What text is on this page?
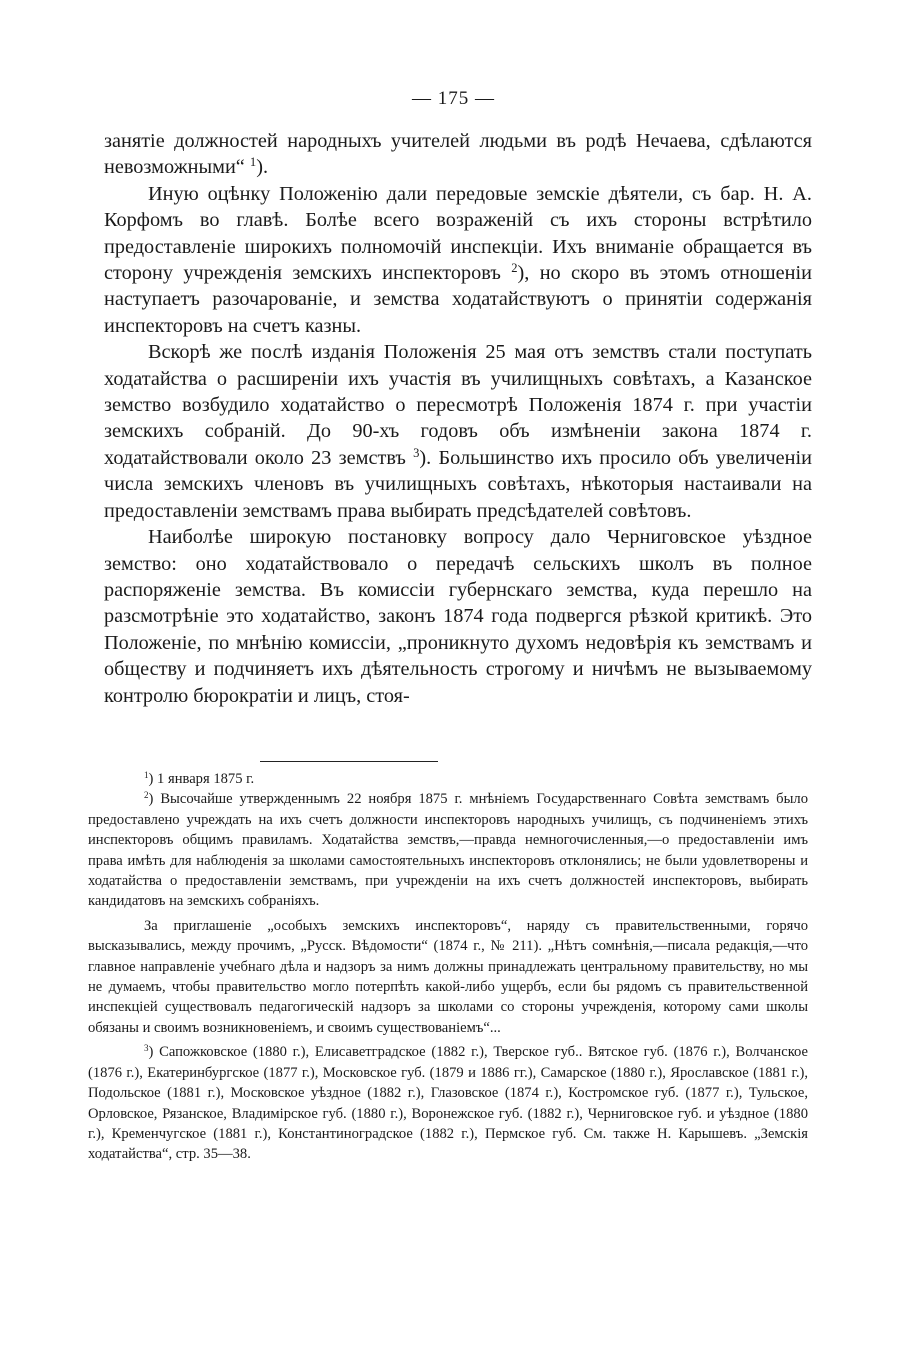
— 175 —

занятіе должностей народныхъ учителей людьми въ родѣ Нечаева, сдѣлаются невозможными“ $^1$).

Иную оцѣнку Положенію дали передовые земскіе дѣятели, съ бар. Н. А. Корфомъ во главѣ. Болѣе всего возраженій съ ихъ стороны встрѣтило предоставленіе широкихъ полномочій инспекціи. Ихъ вниманіе обращается въ сторону учрежденія земскихъ инспекторовъ $^2$), но скоро въ этомъ отношеніи наступаетъ разочарованіе, и земства ходатайствуютъ о принятіи содержанія инспекторовъ на счетъ казны.

Вскорѣ же послѣ изданія Положенія 25 мая отъ земствъ стали поступать ходатайства о расширеніи ихъ участія въ училищныхъ совѣтахъ, а Казанское земство возбудило ходатайство о пересмотрѣ Положенія 1874 г. при участіи земскихъ собраній. До 90-хъ годовъ объ измѣненіи закона 1874 г. ходатайствовали около 23 земствъ $^3$). Большинство ихъ просило объ увеличеніи числа земскихъ членовъ въ училищныхъ совѣтахъ, нѣкоторыя настаивали на предоставленіи земствамъ права выбирать предсѣдателей совѣтовъ.

Наиболѣе широкую постановку вопросу дало Черниговское уѣздное земство: оно ходатайствовало о передачѣ сельскихъ школъ въ полное распоряженіе земства. Въ комиссіи губернскаго земства, куда перешло на разсмотрѣніе это ходатайство, законъ 1874 года подвергся рѣзкой критикѣ. Это Положеніе, по мнѣнію комиссіи, „проникнуто духомъ недовѣрія къ земствамъ и обществу и подчиняетъ ихъ дѣятельность строгому и ничѣмъ не вызываемому контролю бюрократіи и лицъ, стоя-

$^1$) 1 января 1875 г.

$^2$) Высочайше утвержденнымъ 22 ноября 1875 г. мнѣніемъ Государственнаго Совѣта земствамъ было предоставлено учреждать на ихъ счетъ должности инспекторовъ народныхъ училищъ, съ подчиненіемъ этихъ инспекторовъ общимъ правиламъ. Ходатайства земствъ,—правда немногочисленныя,—о предоставленіи имъ права имѣть для наблюденія за школами самостоятельныхъ инспекторовъ отклонялись; не были удовлетворены и ходатайства о предоставленіи земствамъ, при учрежденіи на ихъ счетъ должностей инспекторовъ, выбирать кандидатовъ на земскихъ собраніяхъ.

За приглашеніе „особыхъ земскихъ инспекторовъ“, наряду съ правительственными, горячо высказывались, между прочимъ, „Русск. Вѣдомости“ (1874 г., № 211). „Нѣтъ сомнѣнія,—писала редакція,—что главное направленіе учебнаго дѣла и надзоръ за нимъ должны принадлежать центральному правительству, но мы не думаемъ, чтобы правительство могло потерпѣть какой-либо ущербъ, если бы рядомъ съ правительственной инспекціей существовалъ педагогическій надзоръ за школами со стороны учрежденія, которому сами школы обязаны и своимъ возникновеніемъ, и своимъ существованіемъ“...

$^3$) Сапожковское (1880 г.), Елисаветградское (1882 г.), Тверское губ.. Вятское губ. (1876 г.), Волчанское (1876 г.), Екатеринбургское (1877 г.), Московское губ. (1879 и 1886 гг.), Самарское (1880 г.), Ярославское (1881 г.), Подольское (1881 г.), Московское уѣздное (1882 г.), Глазовское (1874 г.), Костромское губ. (1877 г.), Тульское, Орловское, Рязанское, Владимірское губ. (1880 г.), Воронежское губ. (1882 г.), Черниговское губ. и уѣздное (1880 г.), Кременчугское (1881 г.), Константиноградское (1882 г.), Пермское губ. См. также Н. Карышевъ. „Земскія ходатайства“, стр. 35—38.
